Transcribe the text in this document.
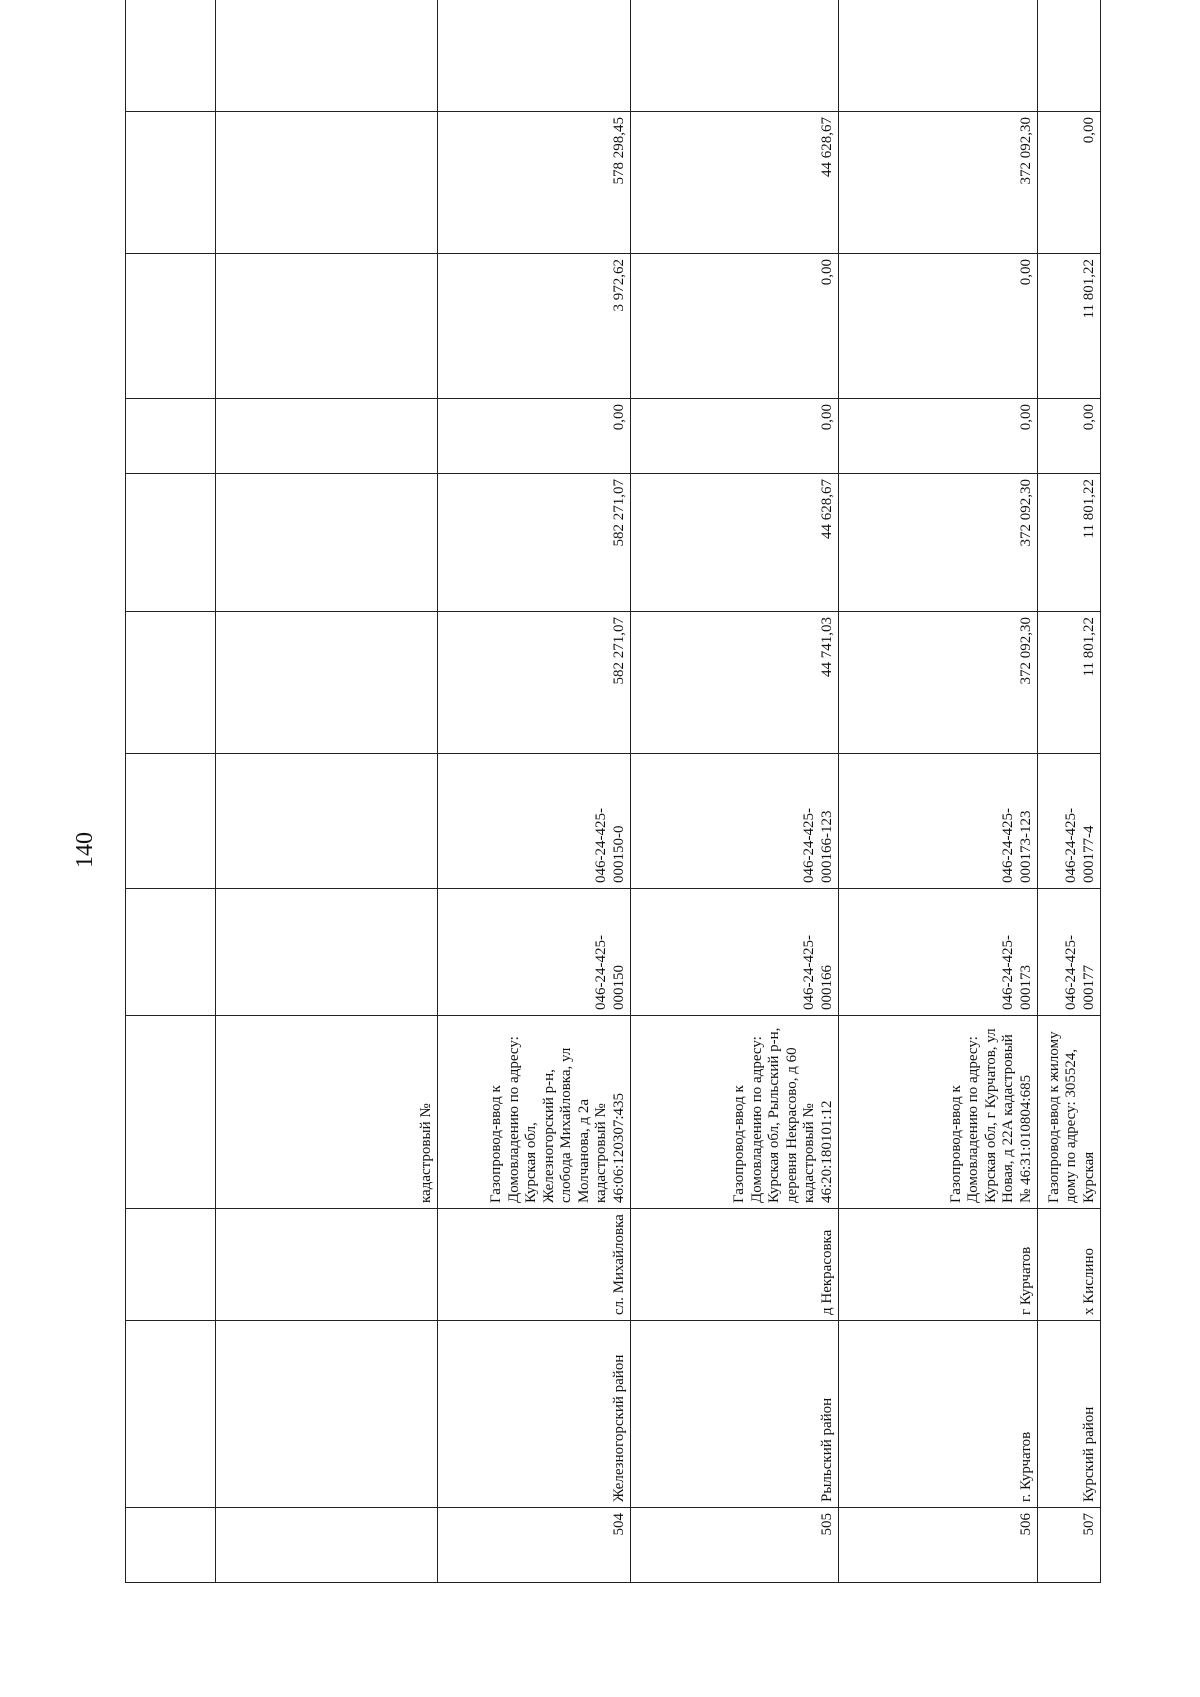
140

			кадастровый №								
504	Железногорский район	сл. Михайловка	Газопровод-ввод к Домовладению по адресу: Курская обл, Железногорский р-н, слобода Михайловка, ул Молчанова, д 2а кадастровый № 46:06:120307:435	046-24-425-000150	046-24-425-000150-0	582 271,07	582 271,07	0,00	3 972,62	578 298,45	
505	Рыльский район	д Некрасовка	Газопровод-ввод к Домовладению по адресу: Курская обл, Рыльский р-н, деревня Некрасово, д 60 кадастровый № 46:20:180101:12	046-24-425-000166	046-24-425-000166-123	44 741,03	44 628,67	0,00	0,00	44 628,67	
506	г. Курчатов	г Курчатов	Газопровод-ввод к Домовладению по адресу: Курская обл, г Курчатов, ул Новая, д 22А кадастровый № 46:31:010804:685	046-24-425-000173	046-24-425-000173-123	372 092,30	372 092,30	0,00	0,00	372 092,30	
507	Курский район	х Кислино	Газопровод-ввод к жилому дому по адресу: 305524, Курская	046-24-425-000177	046-24-425-000177-4	11 801,22	11 801,22	0,00	11 801,22	0,00	
